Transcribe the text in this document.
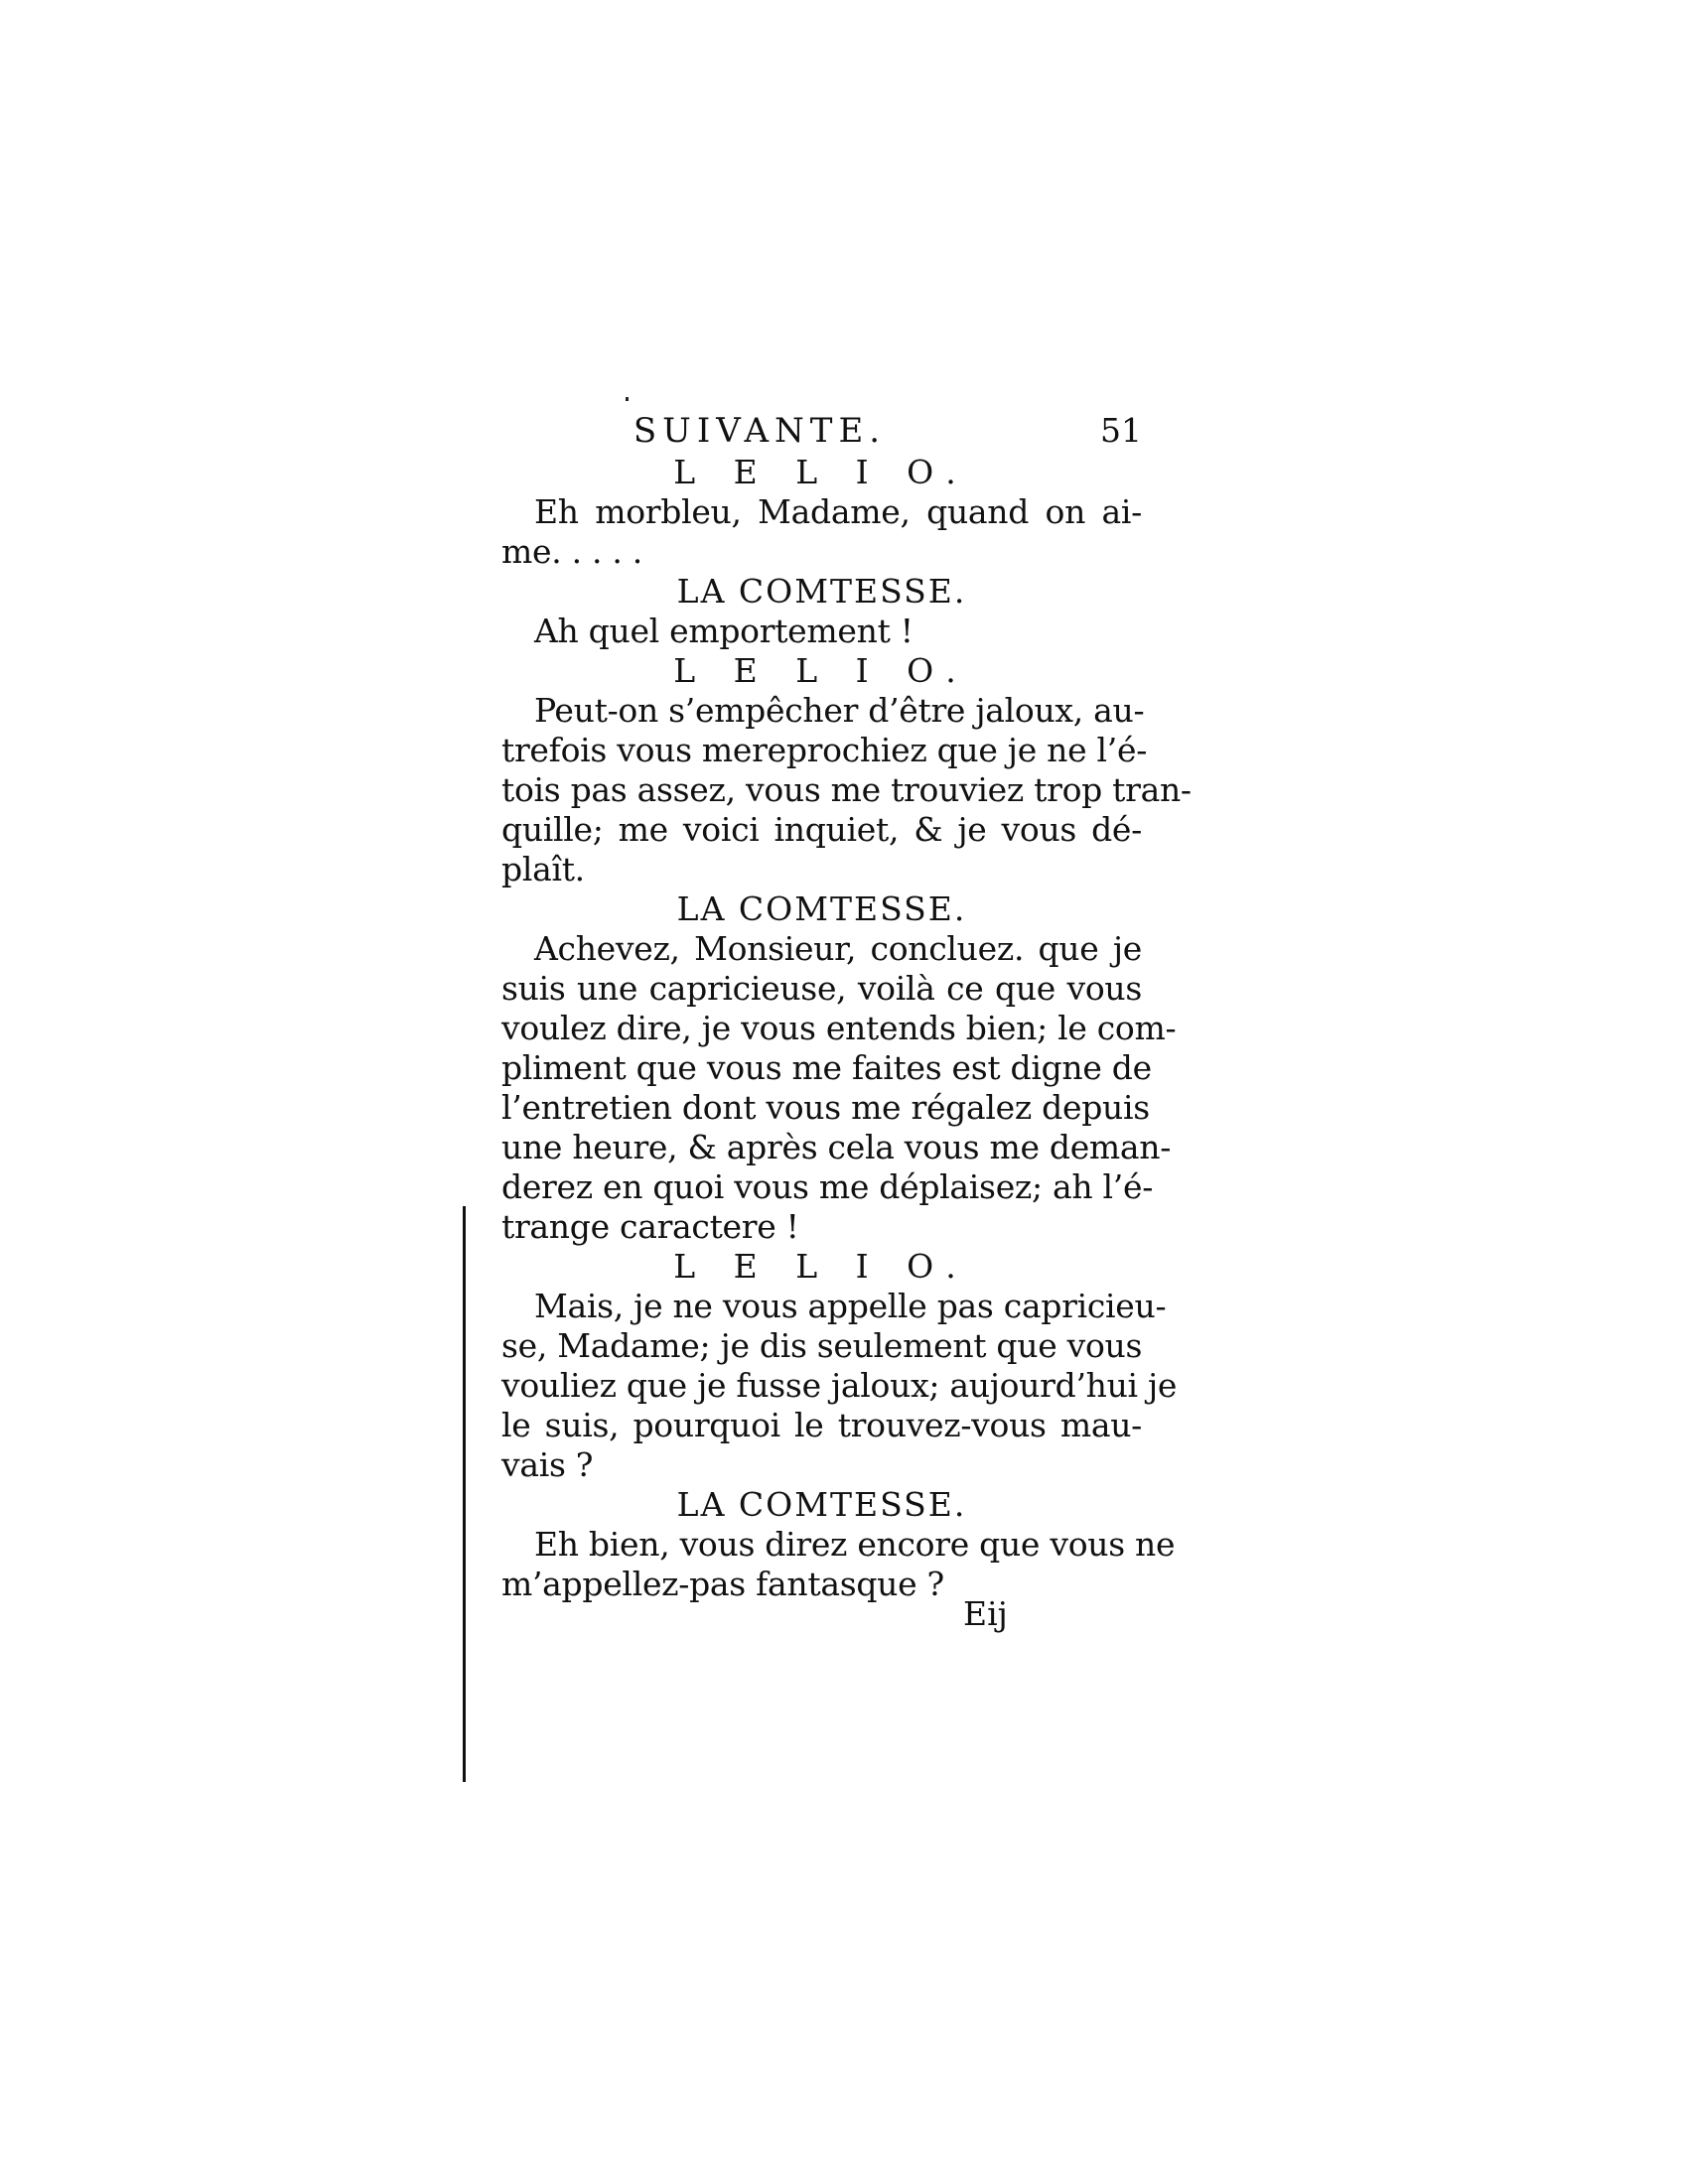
SUIVANTE.	51
L E L I O.
Eh morbleu, Madame, quand on ai-
me. . . . .
LA COMTESSE.
Ah quel emportement !
L E L I O.
Peut-on s’empêcher d’être jaloux, au-
trefois vous mereprochiez que je ne l’é-
tois pas assez, vous me trouviez trop tran-
quille; me voici inquiet, & je vous dé-
plaît.
LA COMTESSE.
Achevez, Monsieur, concluez. que je
suis une capricieuse, voilà ce que vous
voulez dire, je vous entends bien; le com-
pliment que vous me faites est digne de
l’entretien dont vous me régalez depuis
une heure, & après cela vous me deman-
derez en quoi vous me déplaisez; ah l’é-
trange caractere !
L E L I O.
Mais, je ne vous appelle pas capricieu-
se, Madame; je dis seulement que vous
vouliez que je fusse jaloux; aujourd’hui je
le suis, pourquoi le trouvez-vous mau-
vais ?
LA COMTESSE.
Eh bien, vous direz encore que vous ne
m’appellez-pas fantasque ?
Eij
